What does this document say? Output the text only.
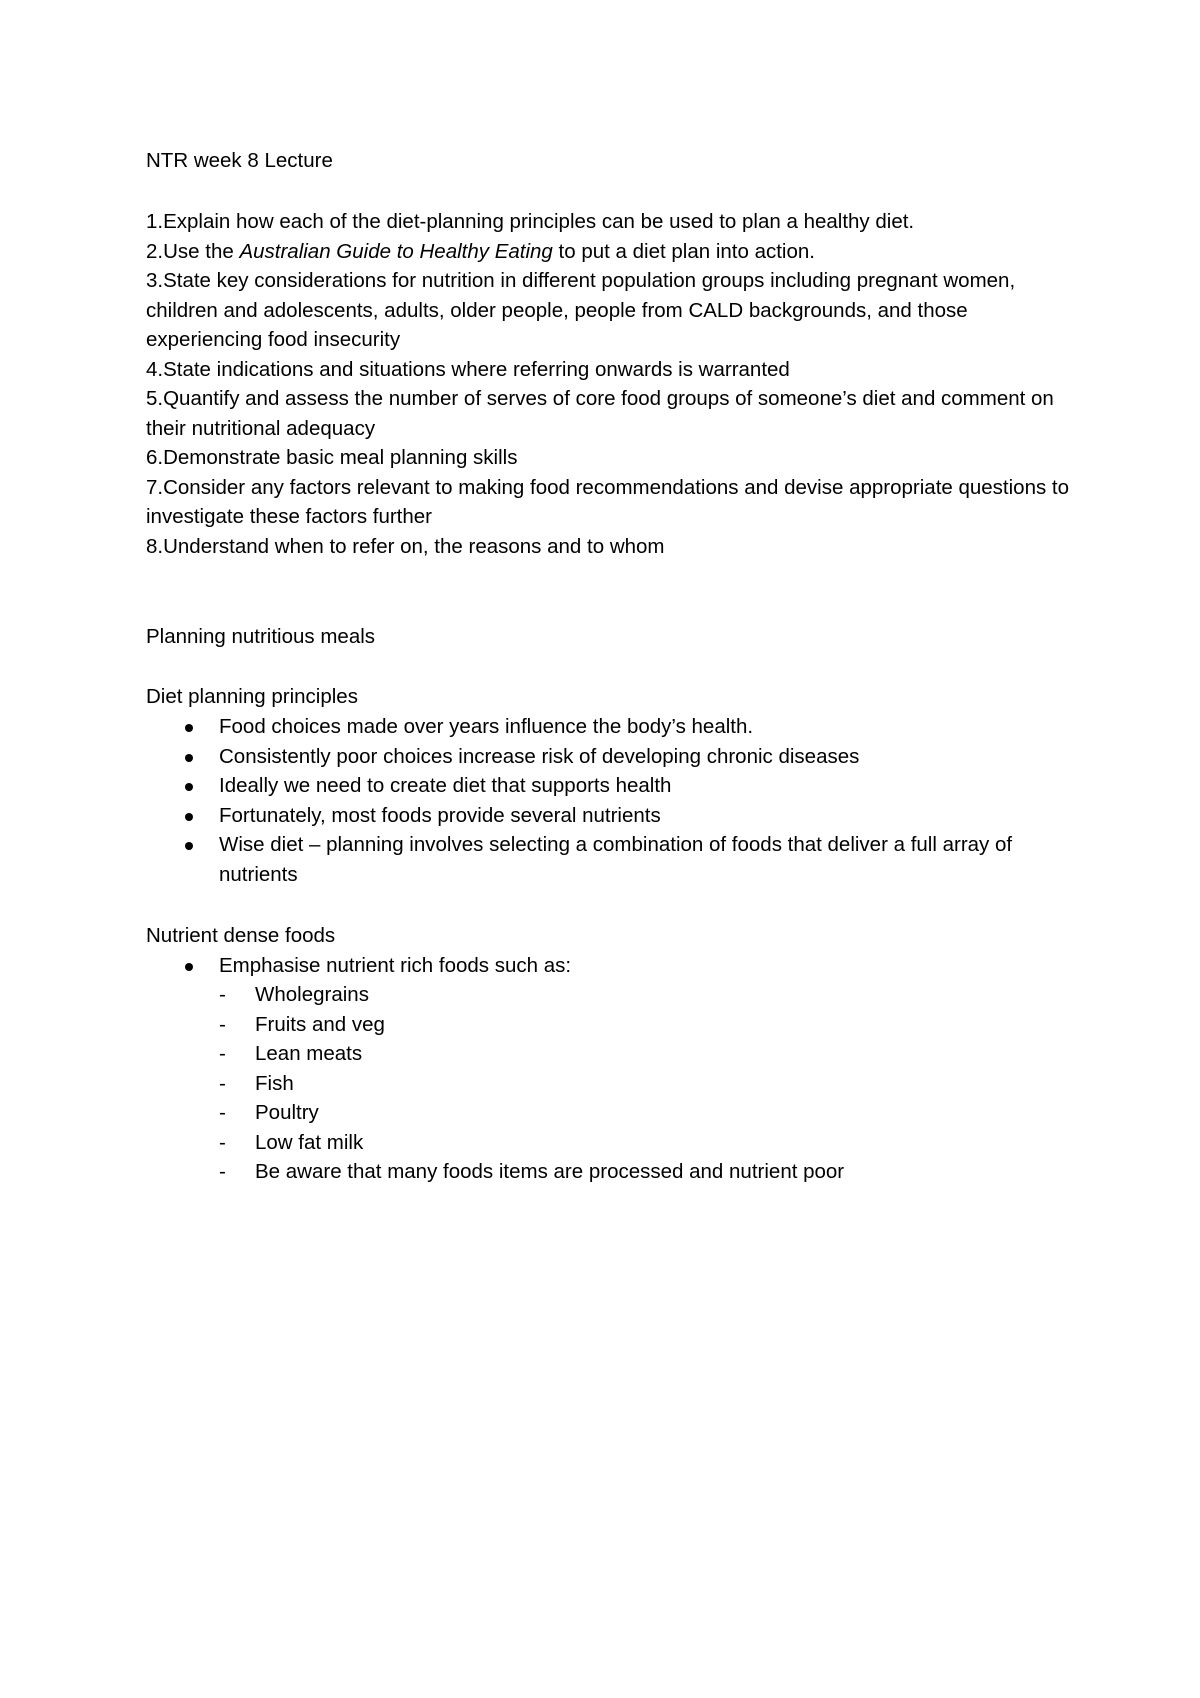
NTR week 8 Lecture

1.Explain how each of the diet-planning principles can be used to plan a healthy diet.

2.Use the Australian Guide to Healthy Eating to put a diet plan into action.

3.State key considerations for nutrition in different population groups including pregnant women, children and adolescents, adults, older people, people from CALD backgrounds, and those experiencing food insecurity

4.State indications and situations where referring onwards is warranted

5.Quantify and assess the number of serves of core food groups of someone’s diet and comment on their nutritional adequacy

6.Demonstrate basic meal planning skills

7.Consider any factors relevant to making food recommendations and devise appropriate questions to investigate these factors further

8.Understand when to refer on, the reasons and to whom

Planning nutritious meals
Diet planning principles
Food choices made over years influence the body’s health.
Consistently poor choices increase risk of developing chronic diseases
Ideally we need to create diet that supports health
Fortunately, most foods provide several nutrients
Wise diet – planning involves selecting a combination of foods that deliver a full array of nutrients
Nutrient dense foods
Emphasise nutrient rich foods such as:
- Wholegrains
- Fruits and veg
- Lean meats
- Fish
- Poultry
- Low fat milk
- Be aware that many foods items are processed and nutrient poor
